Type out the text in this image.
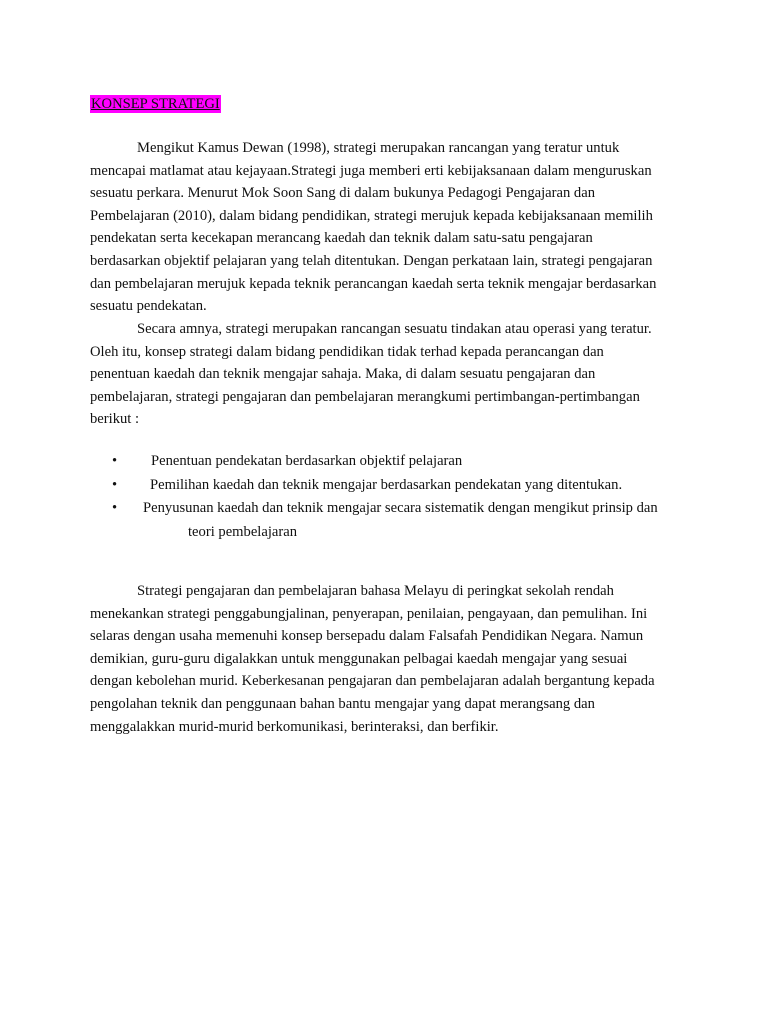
KONSEP STRATEGI

Mengikut Kamus Dewan (1998), strategi merupakan rancangan yang teratur untuk
mencapai matlamat atau kejayaan.Strategi juga memberi erti kebijaksanaan dalam menguruskan
sesuatu perkara. Menurut Mok Soon Sang di dalam bukunya Pedagogi Pengajaran dan
Pembelajaran (2010), dalam bidang pendidikan, strategi merujuk kepada kebijaksanaan memilih
pendekatan serta kecekapan merancang kaedah dan teknik dalam satu-satu pengajaran
berdasarkan objektif pelajaran yang telah ditentukan. Dengan perkataan lain, strategi pengajaran
dan pembelajaran merujuk kepada teknik perancangan kaedah serta teknik mengajar berdasarkan
sesuatu pendekatan.

Secara amnya, strategi merupakan rancangan sesuatu tindakan atau operasi yang teratur.
Oleh itu, konsep strategi dalam bidang pendidikan tidak terhad kepada perancangan dan
penentuan kaedah dan teknik mengajar sahaja. Maka, di dalam sesuatu pengajaran dan
pembelajaran, strategi pengajaran dan pembelajaran merangkumi pertimbangan-pertimbangan
berikut :

• Penentuan pendekatan berdasarkan objektif pelajaran
• Pemilihan kaedah dan teknik mengajar berdasarkan pendekatan yang ditentukan.
• Penyusunan kaedah dan teknik mengajar secara sistematik dengan mengikut prinsip dan
teori pembelajaran

Strategi pengajaran dan pembelajaran bahasa Melayu di peringkat sekolah rendah
menekankan strategi penggabungjalinan, penyerapan, penilaian, pengayaan, dan pemulihan. Ini
selaras dengan usaha memenuhi konsep bersepadu dalam Falsafah Pendidikan Negara. Namun
demikian, guru-guru digalakkan untuk menggunakan pelbagai kaedah mengajar yang sesuai
dengan kebolehan murid. Keberkesanan pengajaran dan pembelajaran adalah bergantung kepada
pengolahan teknik dan penggunaan bahan bantu mengajar yang dapat merangsang dan
menggalakkan murid-murid berkomunikasi, berinteraksi, dan berfikir.
